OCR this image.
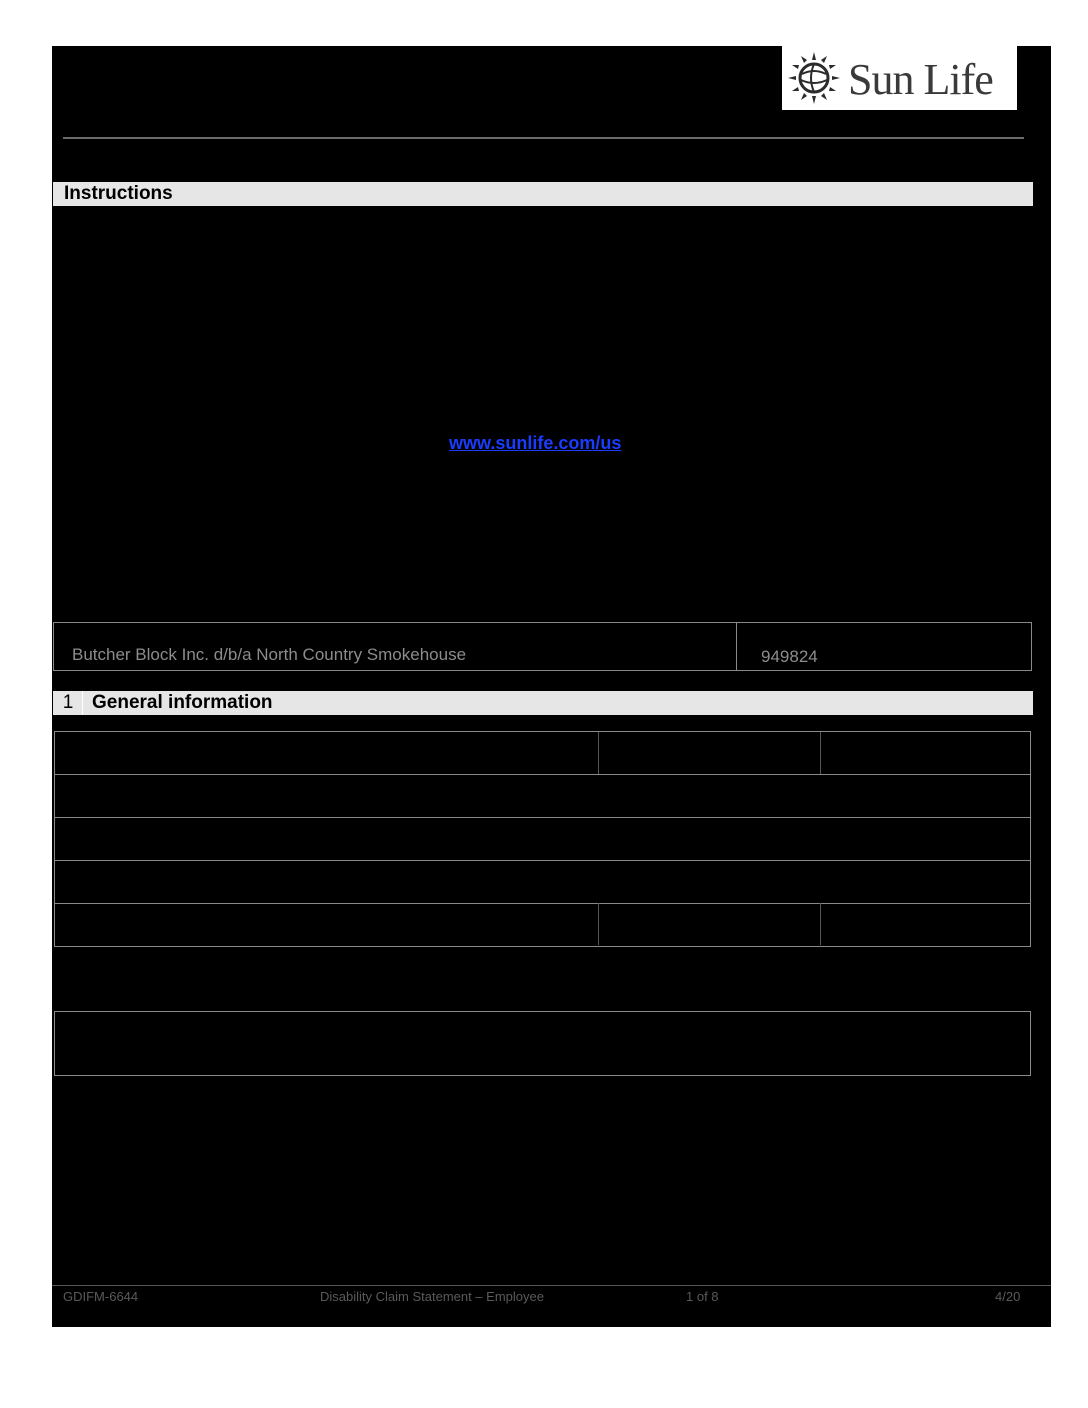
Sun Life
Instructions
www.sunlife.com/us
Butcher Block Inc. d/b/a North Country Smokehouse	949824
1 General information
GDIFM-6644	Disability Claim Statement – Employee	1 of 8	4/20
